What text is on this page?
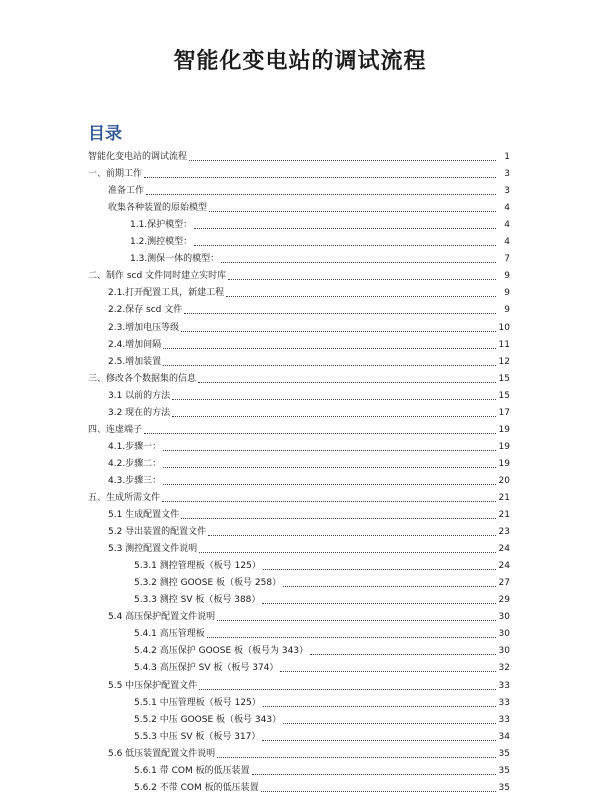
智能化变电站的调试流程
目录
智能化变电站的调试流程	1
一、前期工作	3
准备工作	3
收集各种装置的原始模型	4
1.1.保护模型：	4
1.2.测控模型：	4
1.3.测保一体的模型：	7
二、制作 scd 文件同时建立实时库	9
2.1.打开配置工具，新建工程	9
2.2.保存 scd 文件	9
2.3.增加电压等级	10
2.4.增加间隔	11
2.5.增加装置	12
三、修改各个数据集的信息	15
3.1 以前的方法	15
3.2 现在的方法	17
四、连虚端子	19
4.1.步骤一：	19
4.2.步骤二：	19
4.3.步骤三：	20
五、生成所需文件	21
5.1 生成配置文件	21
5.2 导出装置的配置文件	23
5.3 测控配置文件说明	24
5.3.1 测控管理板（板号 125）	24
5.3.2 测控 GOOSE 板（板号 258）	27
5.3.3 测控 SV 板（板号 388）	29
5.4 高压保护配置文件说明	30
5.4.1 高压管理板	30
5.4.2 高压保护 GOOSE 板（板号为 343）	30
5.4.3 高压保护 SV 板（板号 374）	32
5.5 中压保护配置文件	33
5.5.1 中压管理板（板号 125）	33
5.5.2 中压 GOOSE 板（板号 343）	33
5.5.3 中压 SV 板（板号 317）	34
5.6 低压装置配置文件说明	35
5.6.1 带 COM 板的低压装置	35
5.6.2 不带 COM 板的低压装置	35
